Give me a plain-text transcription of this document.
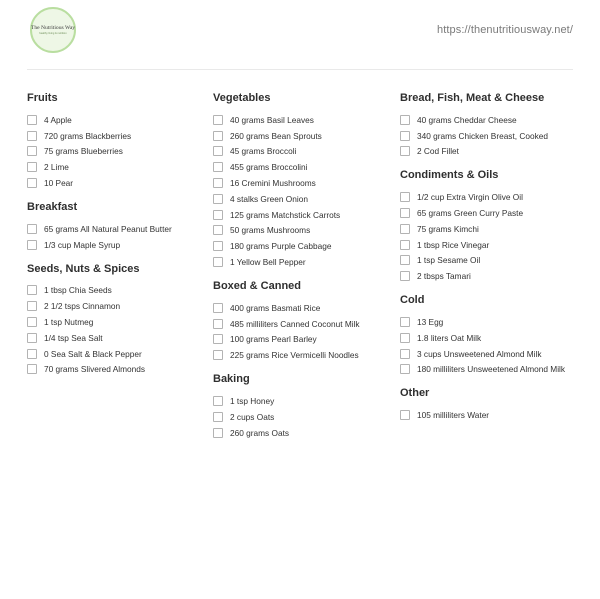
The Nutritious Way
healthy living & nutrition	https://thenutritiousway.net/
Fruits
4 Apple
720 grams Blackberries
75 grams Blueberries
2 Lime
10 Pear
Breakfast
65 grams All Natural Peanut Butter
1/3 cup Maple Syrup
Seeds, Nuts & Spices
1 tbsp Chia Seeds
2 1/2 tsps Cinnamon
1 tsp Nutmeg
1/4 tsp Sea Salt
0 Sea Salt & Black Pepper
70 grams Slivered Almonds
Vegetables
40 grams Basil Leaves
260 grams Bean Sprouts
45 grams Broccoli
455 grams Broccolini
16 Cremini Mushrooms
4 stalks Green Onion
125 grams Matchstick Carrots
50 grams Mushrooms
180 grams Purple Cabbage
1 Yellow Bell Pepper
Boxed & Canned
400 grams Basmati Rice
485 milliliters Canned Coconut Milk
100 grams Pearl Barley
225 grams Rice Vermicelli Noodles
Baking
1 tsp Honey
2 cups Oats
260 grams Oats
Bread, Fish, Meat & Cheese
40 grams Cheddar Cheese
340 grams Chicken Breast, Cooked
2 Cod Fillet
Condiments & Oils
1/2 cup Extra Virgin Olive Oil
65 grams Green Curry Paste
75 grams Kimchi
1 tbsp Rice Vinegar
1 tsp Sesame Oil
2 tbsps Tamari
Cold
13 Egg
1.8 liters Oat Milk
3 cups Unsweetened Almond Milk
180 milliliters Unsweetened Almond Milk
Other
105 milliliters Water
